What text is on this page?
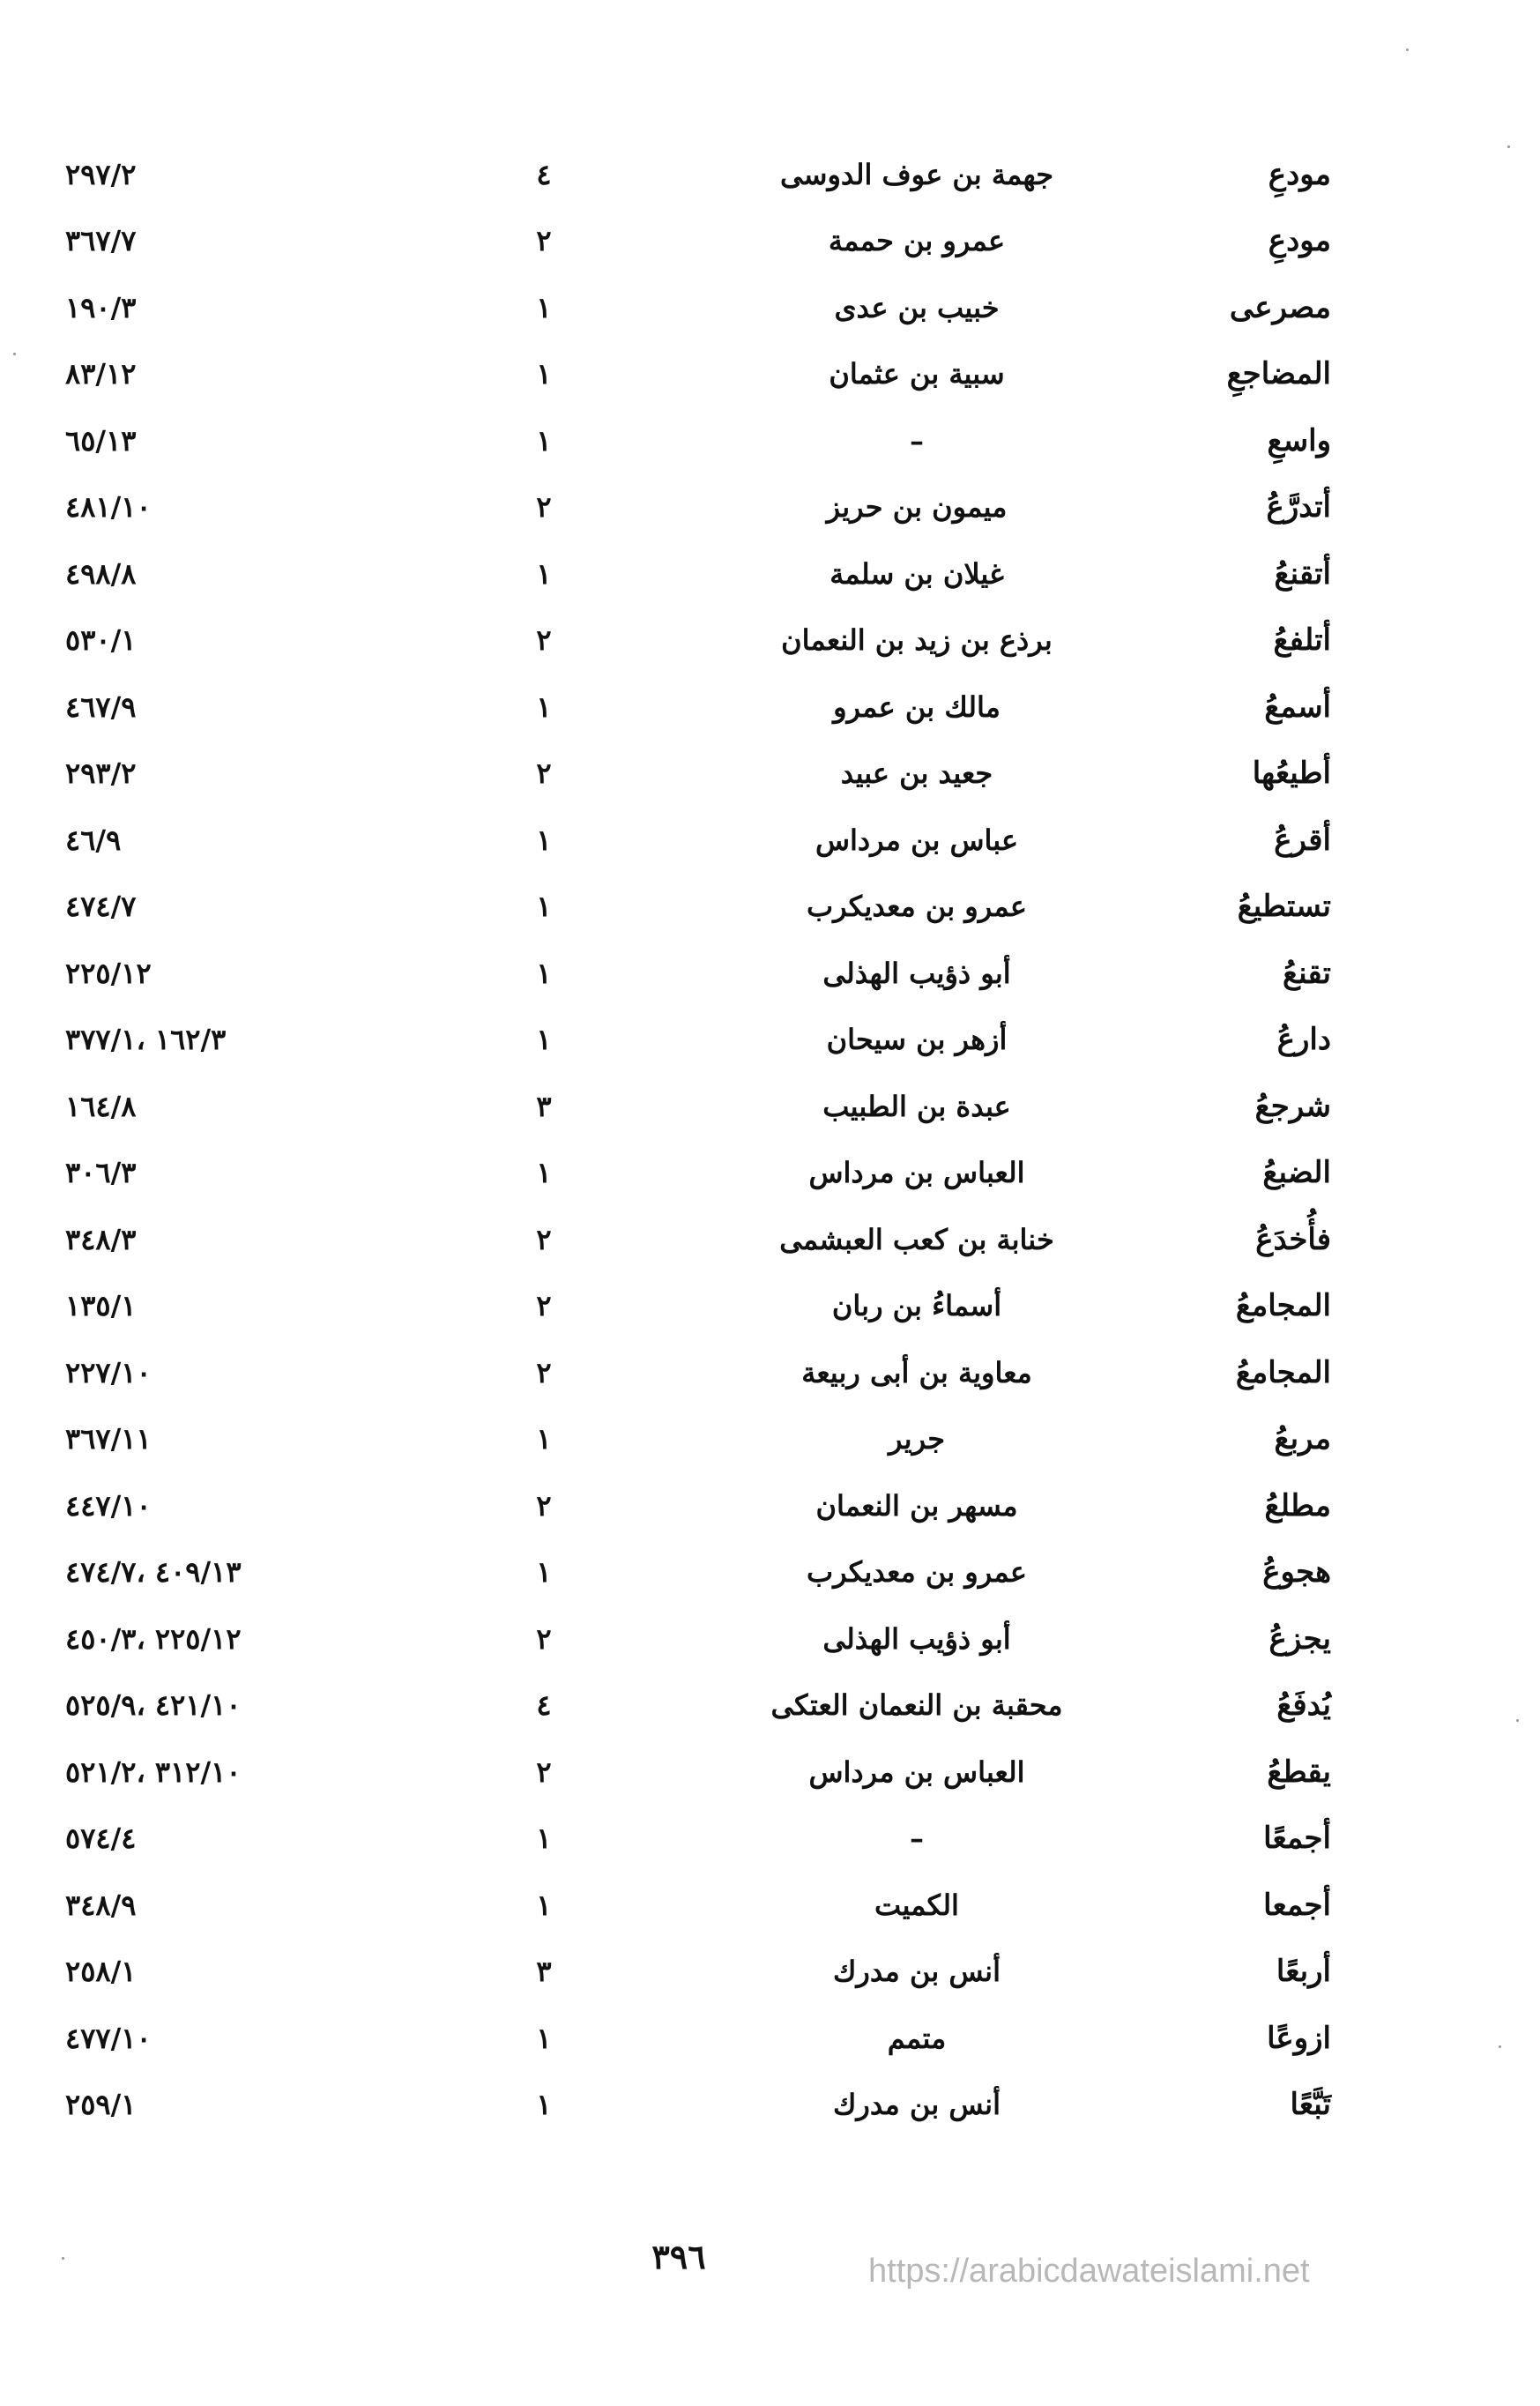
مودعِ
جهمة بن عوف الدوسى
٤
٢٩٧/٢
مودعِ
عمرو بن حممة
٢
٣٦٧/٧
مصرعى
خبيب بن عدى
١
١٩٠/٣
المضاجعِ
سبية بن عثمان
١
٨٣/١٢
واسعِ
–
١
٦٥/١٣
أتدرَّعُ
ميمون بن حريز
٢
٤٨١/١٠
أتقنعُ
غيلان بن سلمة
١
٤٩٨/٨
أتلفعُ
برذع بن زيد بن النعمان
٢
٥٣٠/١
أسمعُ
مالك بن عمرو
١
٤٦٧/٩
أطيعُها
جعيد بن عبيد
٢
٢٩٣/٢
أقرعُ
عباس بن مرداس
١
٤٦/٩
تستطيعُ
عمرو بن معديكرب
١
٤٧٤/٧
تقنعُ
أبو ذؤيب الهذلى
١
٢٢٥/١٢
دارعُ
أزهر بن سيحان
١
١٦٢/٣ ،٣٧٧/١
شرجعُ
عبدة بن الطبيب
٣
١٦٤/٨
الضبعُ
العباس بن مرداس
١
٣٠٦/٣
فأُخدَعُ
خنابة بن كعب العبشمى
٢
٣٤٨/٣
المجامعُ
أسماءُ بن ربان
٢
١٣٥/١
المجامعُ
معاوية بن أبى ربيعة
٢
٢٢٧/١٠
مربعُ
جرير
١
٣٦٧/١١
مطلعُ
مسهر بن النعمان
٢
٤٤٧/١٠
هجوعُ
عمرو بن معديكرب
١
٤٠٩/١٣ ،٤٧٤/٧
يجزعُ
أبو ذؤيب الهذلى
٢
٢٢٥/١٢ ،٤٥٠/٣
يُدفَعُ
محقبة بن النعمان العتكى
٤
٤٢١/١٠ ،٥٢٥/٩
يقطعُ
العباس بن مرداس
٢
٣١٢/١٠ ،٥٢١/٢
أجمعًا
–
١
٥٧٤/٤
أجمعا
الكميت
١
٣٤٨/٩
أربعًا
أنس بن مدرك
٣
٢٥٨/١
ازوعًا
متمم
١
٤٧٧/١٠
تَبَّعًا
أنس بن مدرك
١
٢٥٩/١
٣٩٦	https://arabicdawateislami.net
